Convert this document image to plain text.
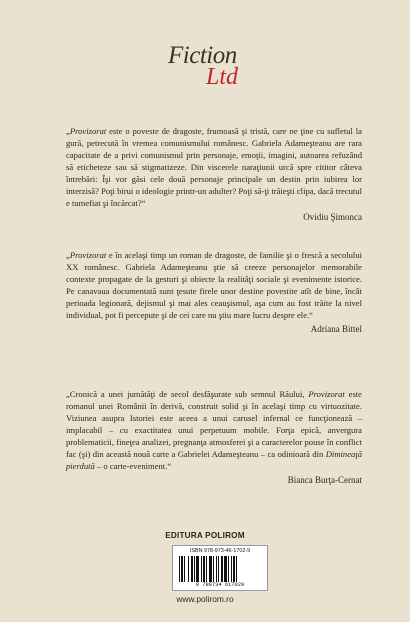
Fiction
Ltd

„Provizorat este o poveste de dragoste, frumoasă şi tristă, care ne ţine cu sufletul la gură, petrecută în vremea comunismului românesc. Gabriela Adameşteanu are rara capacitate de a privi comunismul prin personaje, emoţii, imagini, autoarea refuzând să eticheteze sau să stigmatizeze. Din viscerele naraţiunii urcă spre cititor câteva întrebări: Îşi vor găsi cele două personaje principale un destin prin iubirea lor interzisă? Poţi birui o ideologie printr-un adulter? Poţi să-ţi trăieşti clipa, dacă trecutul e tumefiat şi încărcat?“

Ovidiu Şimonca

„Provizorat e în acelaşi timp un roman de dragoste, de familie şi o frescă a secolului XX românesc. Gabriela Adameşteanu ştie să creeze personajelor memorabile contexte propagate de la gesturi şi obiecte la realităţi sociale şi evenimente istorice. Pe canavaua documentată sunt ţesute firele unor destine povestite atît de bine, încât perioada legionară, dejismul şi mai ales ceauşismul, aşa cum au fost trăite la nivel individual, pot fi percepute şi de cei care nu ştiu mare lucru despre ele.“

Adriana Bittel

„Cronică a unei jumătăţi de secol desfăşurate sub semnul Răului, Provizorat este romanul unei Românii în derivă, construit solid şi în acelaşi timp cu virtuozitate. Viziunea asupra Istoriei este aceea a unui carusel infernal ce funcţionează – implacabil – cu exactitatea unui perpetuum mobile. Forţa epică, anvergura problematicii, fineţea analizei, pregnanţa atmosferei şi a caracterelor pouse în conflict fac (şi) din această nouă carte a Gabrielei Adameşteanu – ca odinioară din Dimineaţă pierdută – o carte-eveniment.“

Bianca Burţa-Cernat
EDITURA POLIROM
ISBN 978-973-46-1702-9
9 789734 617029
www.polirom.ro
